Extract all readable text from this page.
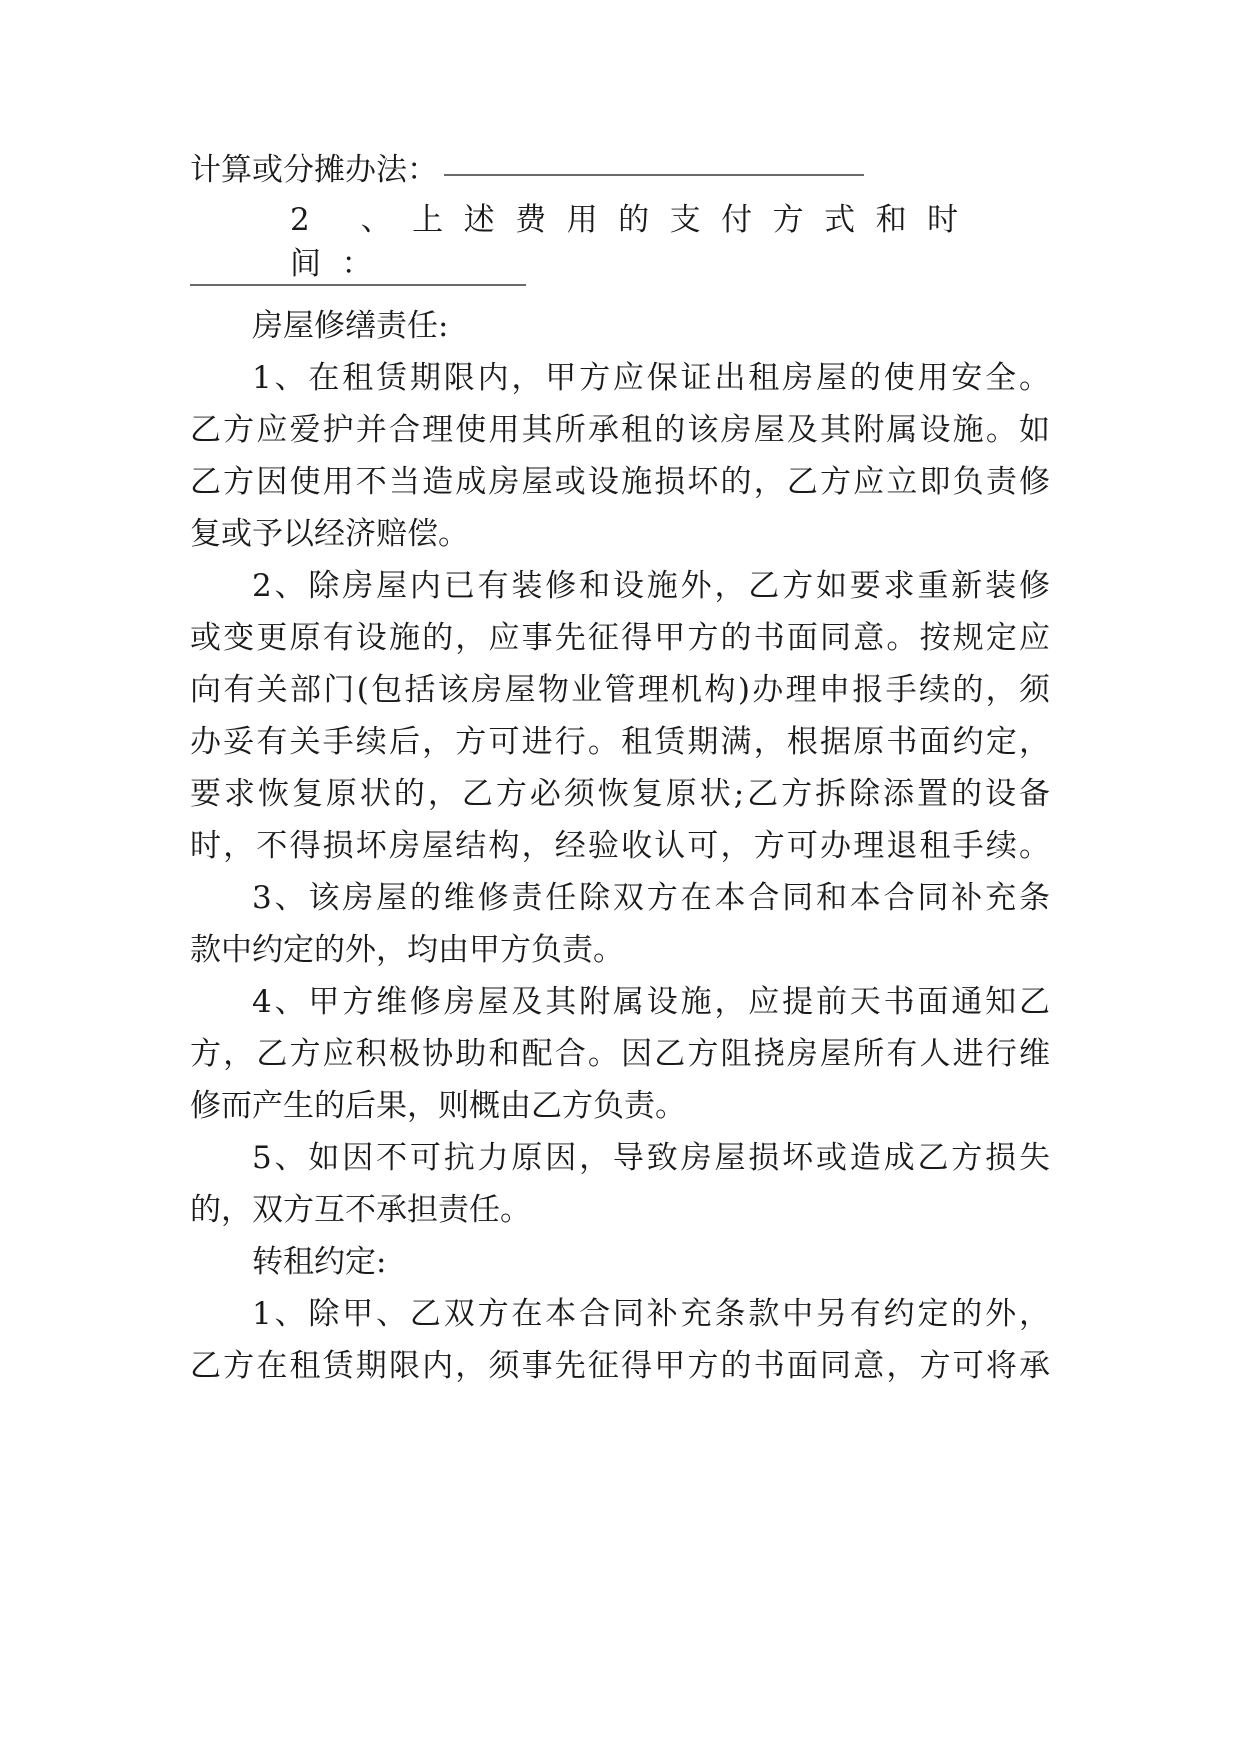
计算或分摊办法：
2 、上述费用的支付方式和时间：
房屋修缮责任:
1、在租赁期限内，甲方应保证出租房屋的使用安全。
乙方应爱护并合理使用其所承租的该房屋及其附属设施。如
乙方因使用不当造成房屋或设施损坏的，乙方应立即负责修
复或予以经济赔偿。
2、除房屋内已有装修和设施外，乙方如要求重新装修
或变更原有设施的，应事先征得甲方的书面同意。按规定应
向有关部门(包括该房屋物业管理机构)办理申报手续的，须
办妥有关手续后，方可进行。租赁期满，根据原书面约定，
要求恢复原状的，乙方必须恢复原状;乙方拆除添置的设备
时，不得损坏房屋结构，经验收认可，方可办理退租手续。
3、该房屋的维修责任除双方在本合同和本合同补充条
款中约定的外，均由甲方负责。
4、甲方维修房屋及其附属设施，应提前天书面通知乙
方，乙方应积极协助和配合。因乙方阻挠房屋所有人进行维
修而产生的后果，则概由乙方负责。
5、如因不可抗力原因，导致房屋损坏或造成乙方损失
的，双方互不承担责任。
转租约定:
1、除甲、乙双方在本合同补充条款中另有约定的外，
乙方在租赁期限内，须事先征得甲方的书面同意，方可将承
